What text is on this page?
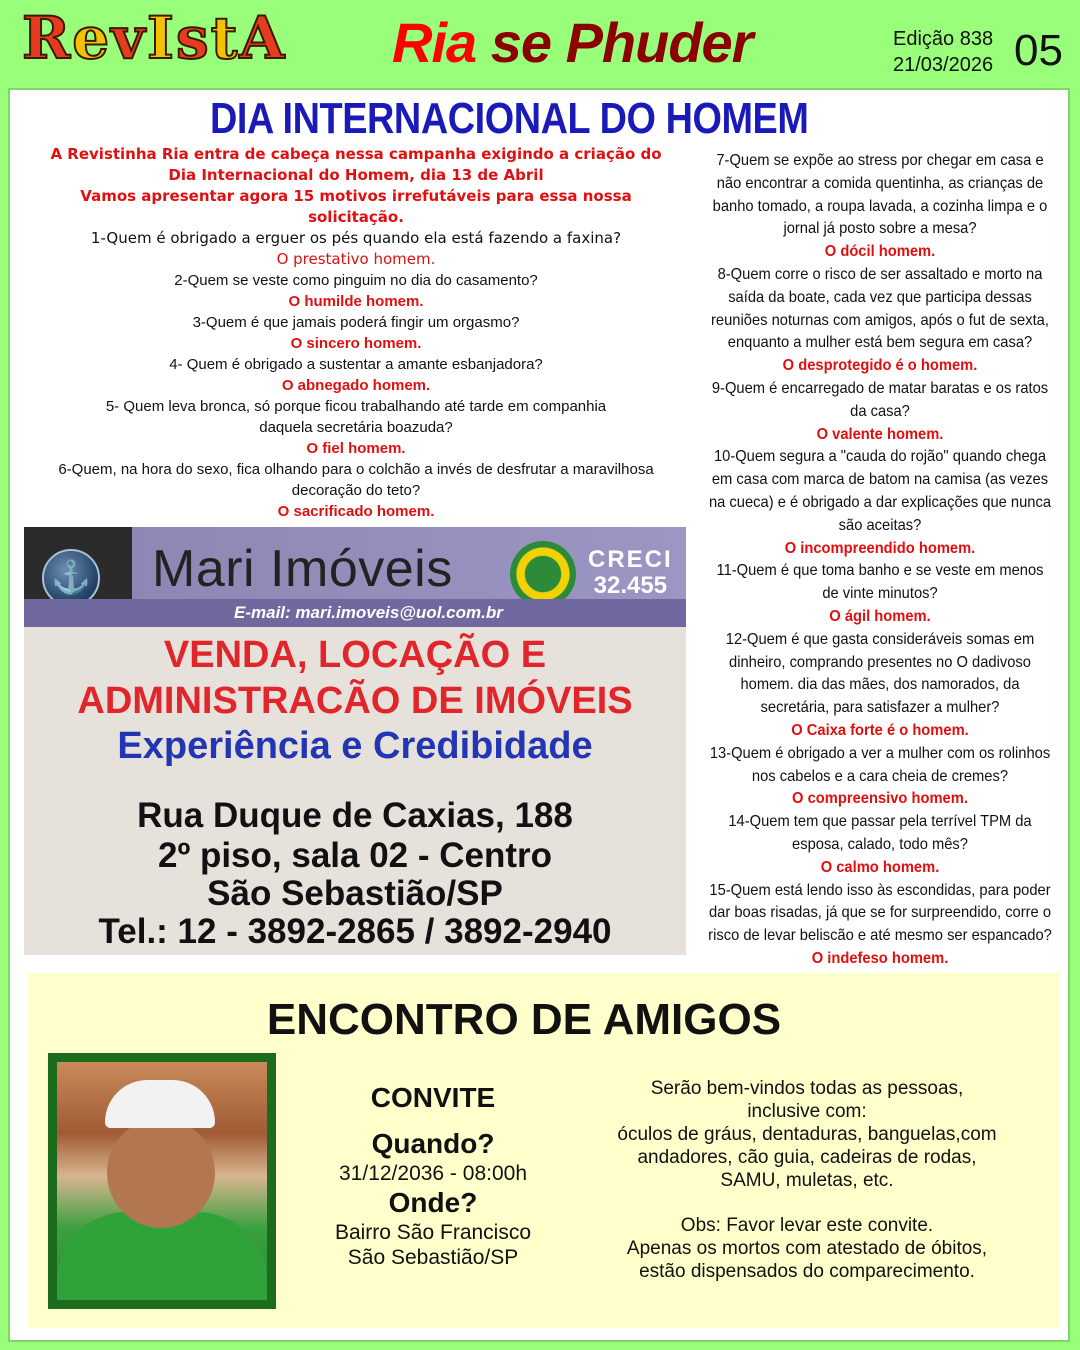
RevIstA Ria se Phuder	Edição 838
21/03/2026 05
DIA INTERNACIONAL DO HOMEM
A Revistinha Ria entra de cabeça nessa campanha exigindo a criação do
Dia Internacional do Homem, dia 13 de Abril
Vamos apresentar agora 15 motivos irrefutáveis para essa nossa
solicitação.
1-Quem é obrigado a erguer os pés quando ela está fazendo a faxina?
O prestativo homem.
2-Quem se veste como pinguim no dia do casamento?
O humilde homem.
3-Quem é que jamais poderá fingir um orgasmo?
O sincero homem.
4- Quem é obrigado a sustentar a amante esbanjadora?
O abnegado homem.
5- Quem leva bronca, só porque ficou trabalhando até tarde em companhia
daquela secretária boazuda?
O fiel homem.
6-Quem, na hora do sexo, fica olhando para o colchão a invés de desfrutar a maravilhosa
decoração do teto?
O sacrificado homem.
7-Quem se expõe ao stress por chegar em casa e
não encontrar a comida quentinha, as crianças de
banho tomado, a roupa lavada, a cozinha limpa e o
jornal já posto sobre a mesa?
O dócil homem.
8-Quem corre o risco de ser assaltado e morto na
saída da boate, cada vez que participa dessas
reuniões noturnas com amigos, após o fut de sexta,
enquanto a mulher está bem segura em casa?
O desprotegido é o homem.
9-Quem é encarregado de matar baratas e os ratos
da casa?
O valente homem.
10-Quem segura a "cauda do rojão" quando chega
em casa com marca de batom na camisa (as vezes
na cueca) e é obrigado a dar explicações que nunca
são aceitas?
O incompreendido homem.
11-Quem é que toma banho e se veste em menos
de vinte minutos?
O ágil homem.
12-Quem é que gasta consideráveis somas em
dinheiro, comprando presentes no O dadivoso
homem. dia das mães, dos namorados, da
secretária, para satisfazer a mulher?
O Caixa forte é o homem.
13-Quem é obrigado a ver a mulher com os rolinhos
nos cabelos e a cara cheia de cremes?
O compreensivo homem.
14-Quem tem que passar pela terrível TPM da
esposa, calado, todo mês?
O calmo homem.
15-Quem está lendo isso às escondidas, para poder
dar boas risadas, já que se for surpreendido, corre o
risco de levar beliscão e até mesmo ser espancado?
O indefeso homem.
⚓ Mari Imóveis	CRECI
32.455
E-mail: mari.imoveis@uol.com.br
VENDA, LOCAÇÃO E
ADMINISTRACÃO DE IMÓVEIS
Experiência e Credibidade
Rua Duque de Caxias, 188
2º piso, sala 02 - Centro
São Sebastião/SP
Tel.: 12 - 3892-2865 / 3892-2940
ENCONTRO DE AMIGOS
CONVITE
Quando?
31/12/2036 - 08:00h
Onde?
Bairro São Francisco
São Sebastião/SP
Serão bem-vindos todas as pessoas,
inclusive com:
óculos de gráus, dentaduras, banguelas,com
andadores, cão guia, cadeiras de rodas,
SAMU, muletas, etc.
Obs: Favor levar este convite.
Apenas os mortos com atestado de óbitos,
estão dispensados do comparecimento.
